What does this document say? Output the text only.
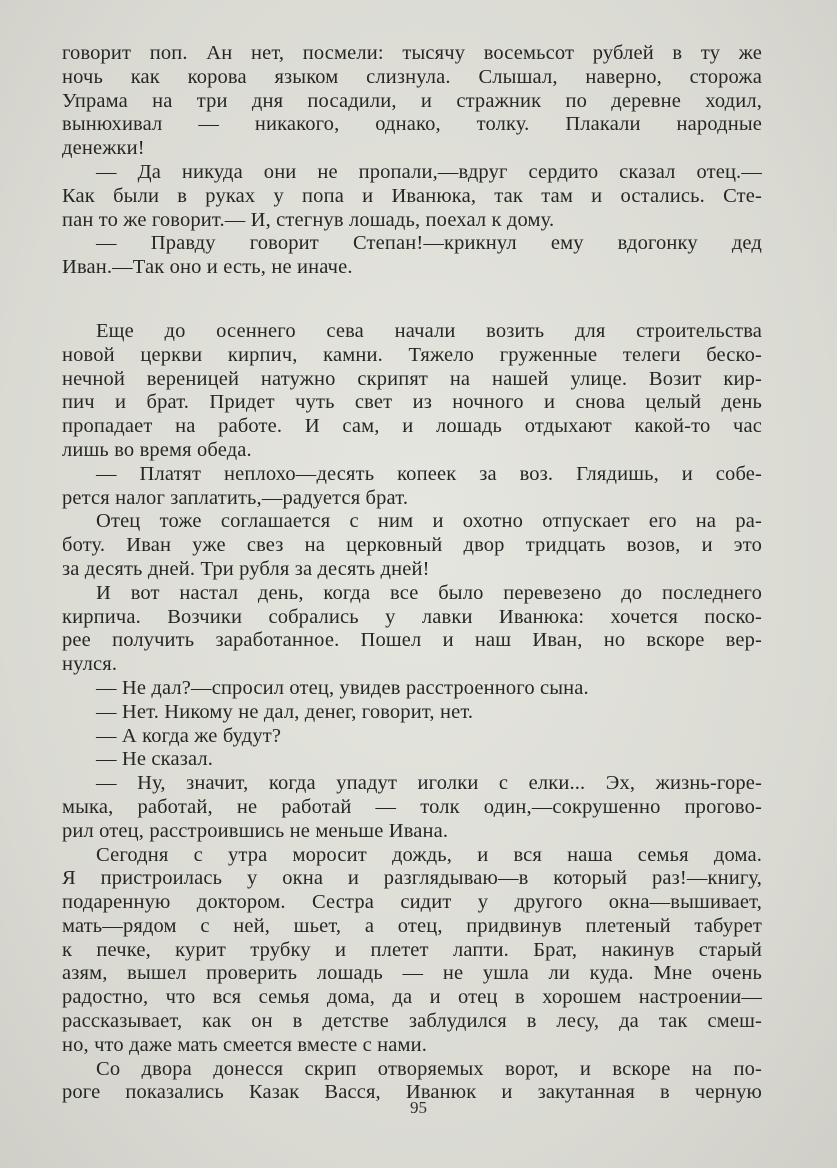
говорит поп. Ан нет, посмели: тысячу восемьсот рублей в ту же
ночь как корова языком слизнула. Слышал, наверно, сторожа
Упрама на три дня посадили, и стражник по деревне ходил,
вынюхивал — никакого, однако, толку. Плакали народные
денежки!
— Да никуда они не пропали,—вдруг сердито сказал отец.—
Как были в руках у попа и Иванюка, так там и остались. Сте-
пан то же говорит.— И, стегнув лошадь, поехал к дому.
— Правду говорит Степан!—крикнул ему вдогонку дед
Иван.—Так оно и есть, не иначе.
Еще до осеннего сева начали возить для строительства
новой церкви кирпич, камни. Тяжело груженные телеги беско-
нечной вереницей натужно скрипят на нашей улице. Возит кир-
пич и брат. Придет чуть свет из ночного и снова целый день
пропадает на работе. И сам, и лошадь отдыхают какой-то час
лишь во время обеда.
— Платят неплохо—десять копеек за воз. Глядишь, и собе-
рется налог заплатить,—радуется брат.
Отец тоже соглашается с ним и охотно отпускает его на ра-
боту. Иван уже свез на церковный двор тридцать возов, и это
за десять дней. Три рубля за десять дней!
И вот настал день, когда все было перевезено до последнего
кирпича. Возчики собрались у лавки Иванюка: хочется поско-
рее получить заработанное. Пошел и наш Иван, но вскоре вер-
нулся.
— Не дал?—спросил отец, увидев расстроенного сына.
— Нет. Никому не дал, денег, говорит, нет.
— А когда же будут?
— Не сказал.
— Ну, значит, когда упадут иголки с елки... Эх, жизнь-горе-
мыка, работай, не работай — толк один,—сокрушенно прогово-
рил отец, расстроившись не меньше Ивана.
Сегодня с утра моросит дождь, и вся наша семья дома.
Я пристроилась у окна и разглядываю—в который раз!—книгу,
подаренную доктором. Сестра сидит у другого окна—вышивает,
мать—рядом с ней, шьет, а отец, придвинув плетеный табурет
к печке, курит трубку и плетет лапти. Брат, накинув старый
азям, вышел проверить лошадь — не ушла ли куда. Мне очень
радостно, что вся семья дома, да и отец в хорошем настроении—
рассказывает, как он в детстве заблудился в лесу, да так смеш-
но, что даже мать смеется вместе с нами.
Со двора донесся скрип отворяемых ворот, и вскоре на по-
роге показались Казак Васся, Иванюк и закутанная в черную
95
